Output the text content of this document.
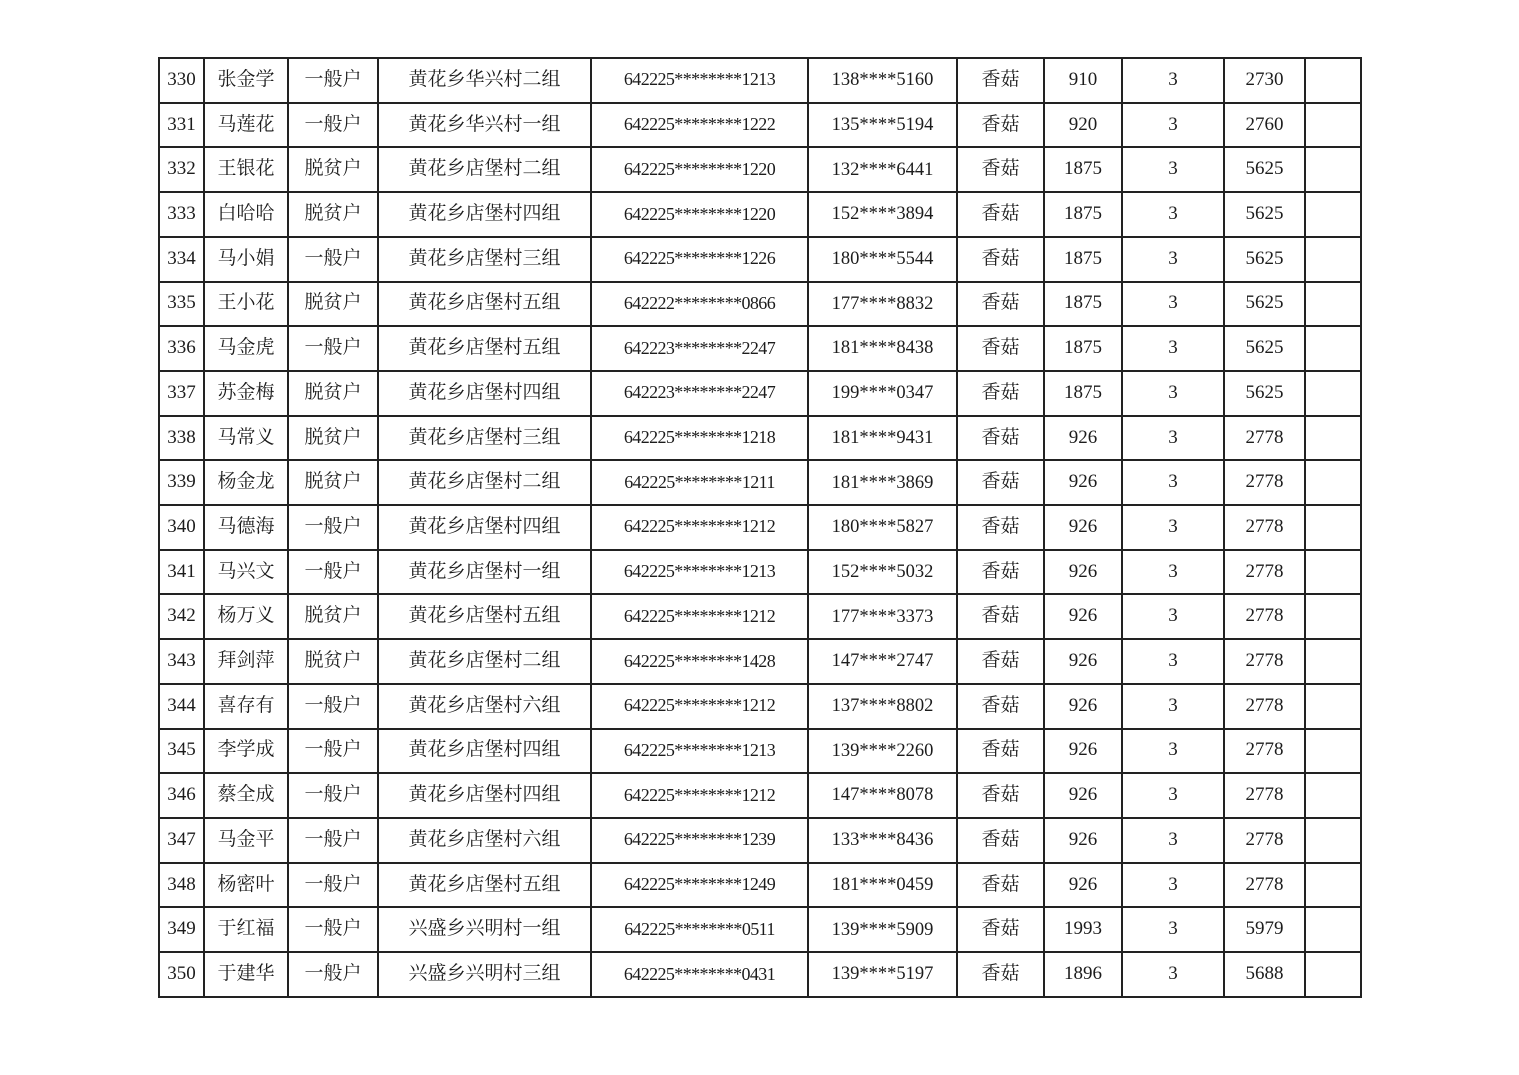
330	张金学	一般户	黄花乡华兴村二组	642225********1213	138****5160	香菇	910	3	2730	
331	马莲花	一般户	黄花乡华兴村一组	642225********1222	135****5194	香菇	920	3	2760	
332	王银花	脱贫户	黄花乡店堡村二组	642225********1220	132****6441	香菇	1875	3	5625	
333	白哈哈	脱贫户	黄花乡店堡村四组	642225********1220	152****3894	香菇	1875	3	5625	
334	马小娟	一般户	黄花乡店堡村三组	642225********1226	180****5544	香菇	1875	3	5625	
335	王小花	脱贫户	黄花乡店堡村五组	642222********0866	177****8832	香菇	1875	3	5625	
336	马金虎	一般户	黄花乡店堡村五组	642223********2247	181****8438	香菇	1875	3	5625	
337	苏金梅	脱贫户	黄花乡店堡村四组	642223********2247	199****0347	香菇	1875	3	5625	
338	马常义	脱贫户	黄花乡店堡村三组	642225********1218	181****9431	香菇	926	3	2778	
339	杨金龙	脱贫户	黄花乡店堡村二组	642225********1211	181****3869	香菇	926	3	2778	
340	马德海	一般户	黄花乡店堡村四组	642225********1212	180****5827	香菇	926	3	2778	
341	马兴文	一般户	黄花乡店堡村一组	642225********1213	152****5032	香菇	926	3	2778	
342	杨万义	脱贫户	黄花乡店堡村五组	642225********1212	177****3373	香菇	926	3	2778	
343	拜剑萍	脱贫户	黄花乡店堡村二组	642225********1428	147****2747	香菇	926	3	2778	
344	喜存有	一般户	黄花乡店堡村六组	642225********1212	137****8802	香菇	926	3	2778	
345	李学成	一般户	黄花乡店堡村四组	642225********1213	139****2260	香菇	926	3	2778	
346	蔡全成	一般户	黄花乡店堡村四组	642225********1212	147****8078	香菇	926	3	2778	
347	马金平	一般户	黄花乡店堡村六组	642225********1239	133****8436	香菇	926	3	2778	
348	杨密叶	一般户	黄花乡店堡村五组	642225********1249	181****0459	香菇	926	3	2778	
349	于红福	一般户	兴盛乡兴明村一组	642225********0511	139****5909	香菇	1993	3	5979	
350	于建华	一般户	兴盛乡兴明村三组	642225********0431	139****5197	香菇	1896	3	5688	
